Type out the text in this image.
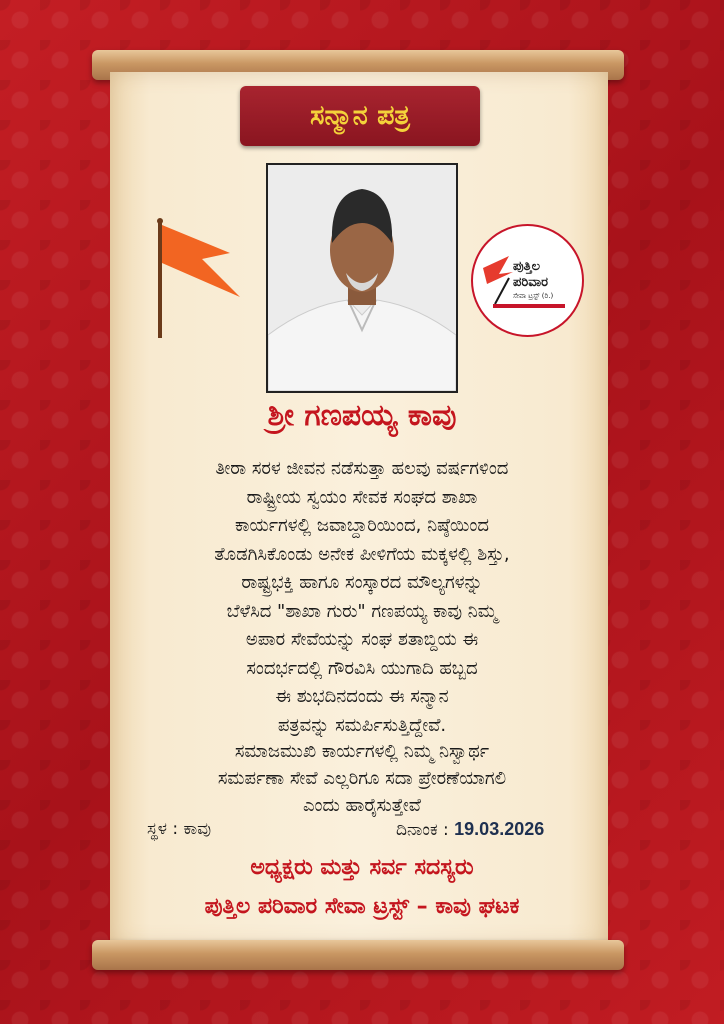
ಸನ್ಮಾನ ಪತ್ರ
ಪುತ್ತಿಲ
ಪರಿವಾರ
ಸೇವಾ ಟ್ರಸ್ಟ್ (ರಿ.)
ಶ್ರೀ ಗಣಪಯ್ಯ ಕಾವು
ತೀರಾ ಸರಳ ಜೀವನ ನಡೆಸುತ್ತಾ ಹಲವು ವರ್ಷಗಳಿಂದ
ರಾಷ್ಟ್ರೀಯ ಸ್ವಯಂ ಸೇವಕ ಸಂಘದ ಶಾಖಾ
ಕಾರ್ಯಗಳಲ್ಲಿ ಜವಾಬ್ದಾರಿಯಿಂದ, ನಿಷ್ಠೆಯಿಂದ
ತೊಡಗಿಸಿಕೊಂಡು ಅನೇಕ ಪೀಳಿಗೆಯ ಮಕ್ಕಳಲ್ಲಿ ಶಿಸ್ತು,
ರಾಷ್ಟ್ರಭಕ್ತಿ ಹಾಗೂ ಸಂಸ್ಕಾರದ ಮೌಲ್ಯಗಳನ್ನು
ಬೆಳೆಸಿದ "ಶಾಖಾ ಗುರು" ಗಣಪಯ್ಯ ಕಾವು ನಿಮ್ಮ
ಅಪಾರ ಸೇವೆಯನ್ನು ಸಂಘ ಶತಾಬ್ದಿಯ ಈ
ಸಂದರ್ಭದಲ್ಲಿ ಗೌರವಿಸಿ ಯುಗಾದಿ ಹಬ್ಬದ
ಈ ಶುಭದಿನದಂದು ಈ ಸನ್ಮಾನ
ಪತ್ರವನ್ನು ಸಮರ್ಪಿಸುತ್ತಿದ್ದೇವೆ.
ಸಮಾಜಮುಖಿ ಕಾರ್ಯಗಳಲ್ಲಿ ನಿಮ್ಮ ನಿಸ್ವಾರ್ಥ
ಸಮರ್ಪಣಾ ಸೇವೆ ಎಲ್ಲರಿಗೂ ಸದಾ ಪ್ರೇರಣೆಯಾಗಲಿ
ಎಂದು ಹಾರೈಸುತ್ತೇವೆ
ಸ್ಥಳ : ಕಾವು	ದಿನಾಂಕ : 19.03.2026
ಅಧ್ಯಕ್ಷರು ಮತ್ತು ಸರ್ವ ಸದಸ್ಯರು
ಪುತ್ತಿಲ ಪರಿವಾರ ಸೇವಾ ಟ್ರಸ್ಟ್ – ಕಾವು ಘಟಕ
